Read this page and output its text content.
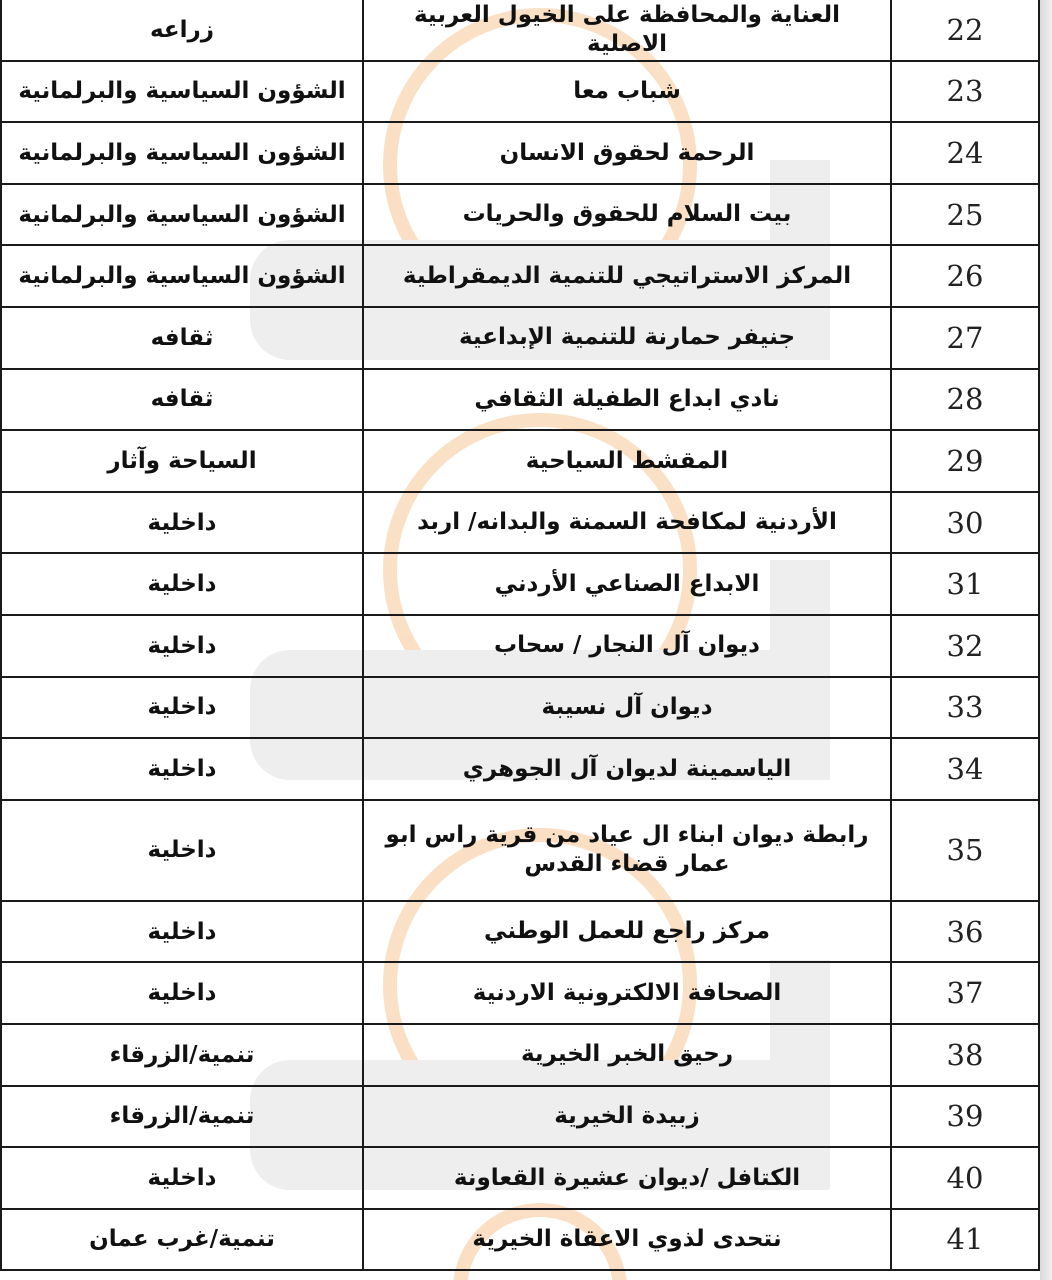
زراعه	العناية والمحافظة على الخيول العربية الاصلية	22
الشؤون السياسية والبرلمانية	شباب معا	23
الشؤون السياسية والبرلمانية	الرحمة لحقوق الانسان	24
الشؤون السياسية والبرلمانية	بيت السلام للحقوق والحريات	25
الشؤون السياسية والبرلمانية	المركز الاستراتيجي للتنمية الديمقراطية	26
ثقافه	جنيفر حمارنة للتنمية الإبداعية	27
ثقافه	نادي ابداع الطفيلة الثقافي	28
السياحة وآثار	المقشط السياحية	29
داخلية	الأردنية لمكافحة السمنة والبدانه/ اربد	30
داخلية	الابداع الصناعي الأردني	31
داخلية	ديوان آل النجار / سحاب	32
داخلية	ديوان آل نسيبة	33
داخلية	الياسمينة لديوان آل الجوهري	34
داخلية	رابطة ديوان ابناء ال عياد من قرية راس ابو عمار قضاء القدس	35
داخلية	مركز راجع للعمل الوطني	36
داخلية	الصحافة الالكترونية الاردنية	37
تنمية/الزرقاء	رحيق الخبر الخيرية	38
تنمية/الزرقاء	زبيدة الخيرية	39
داخلية	الكتافل /ديوان عشيرة القعاونة	40
تنمية/غرب عمان	نتحدى لذوي الاعقاة الخيرية	41
